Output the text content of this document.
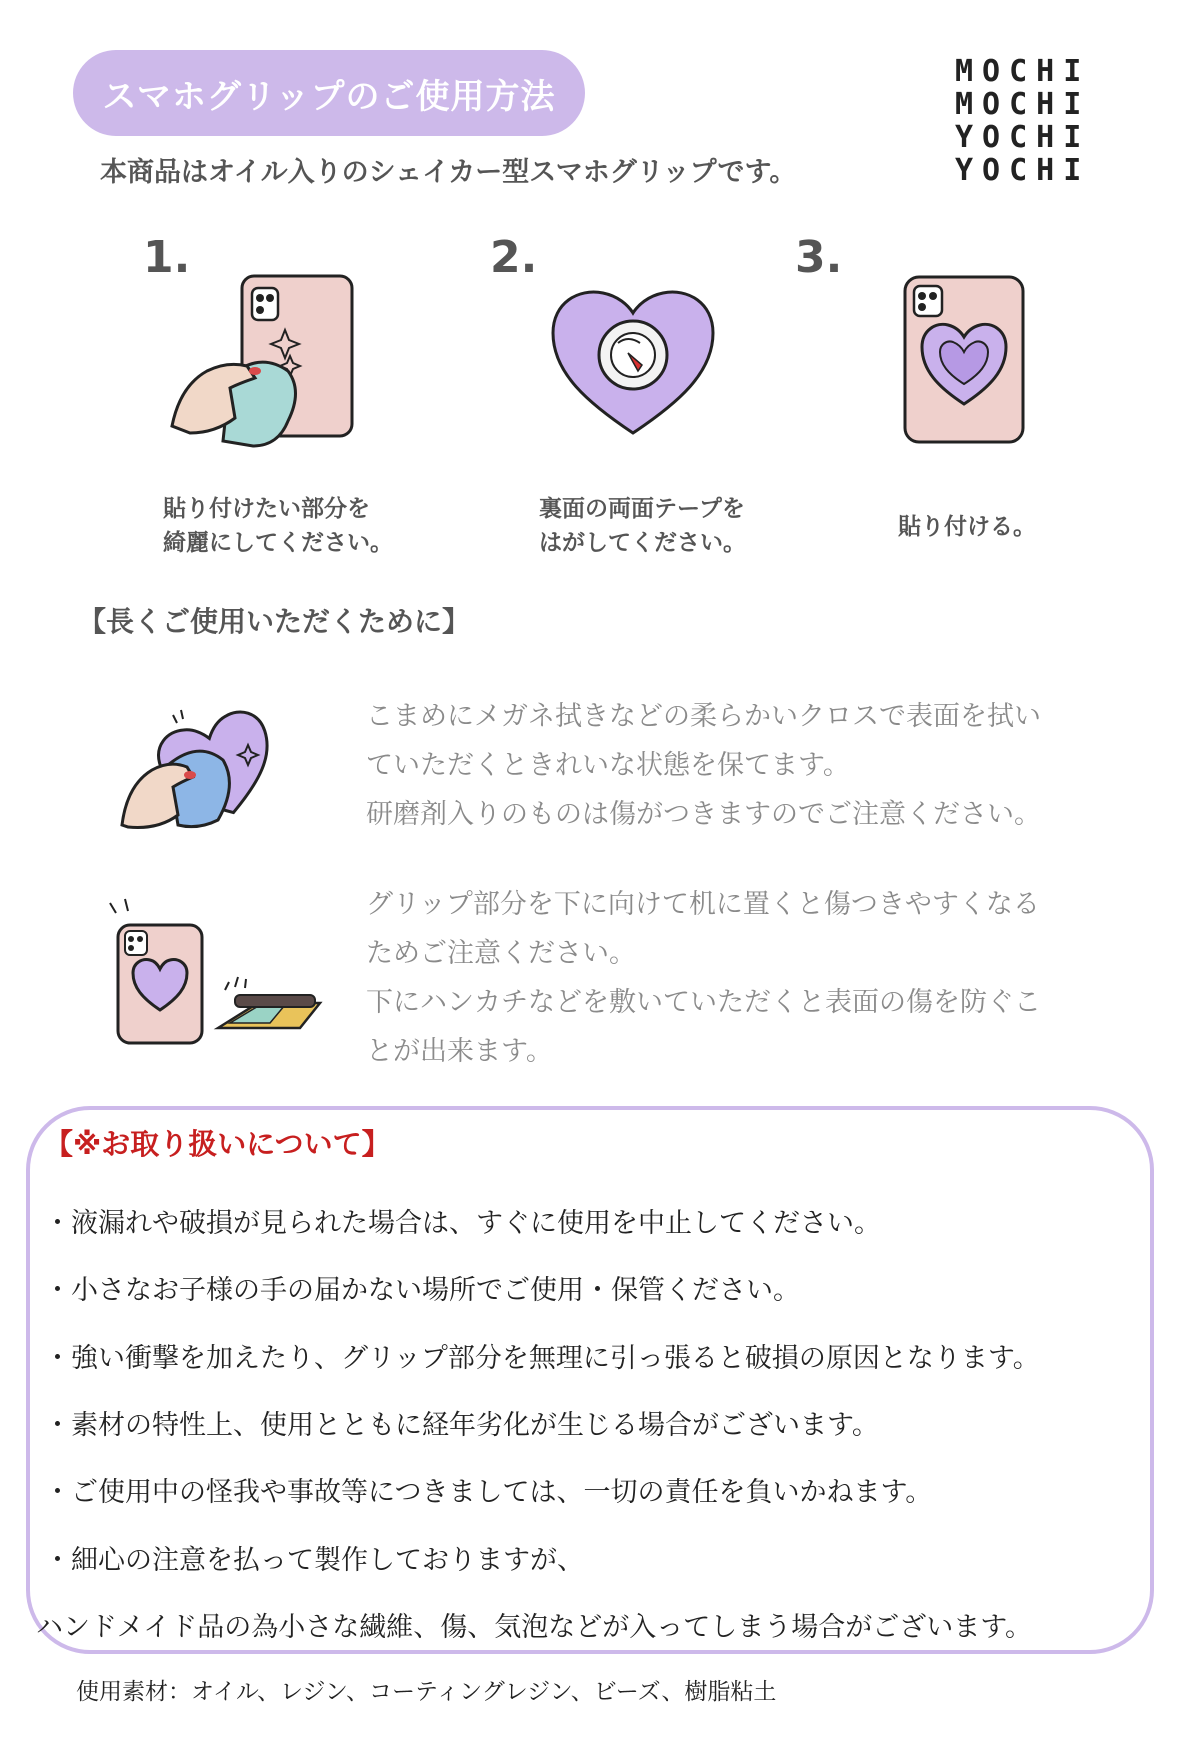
スマホグリップのご使用方法
本商品はオイル入りのシェイカー型スマホグリップです。
MOCHI
MOCHI
YOCHI
YOCHI
1.
貼り付けたい部分を
綺麗にしてください。
2.
裏面の両面テープを
はがしてください。
3.
貼り付ける。
【長くご使用いただくために】
こまめにメガネ拭きなどの柔らかいクロスで表面を拭い
ていただくときれいな状態を保てます。
研磨剤入りのものは傷がつきますのでご注意ください。
グリップ部分を下に向けて机に置くと傷つきやすくなる
ためご注意ください。
下にハンカチなどを敷いていただくと表面の傷を防ぐこ
とが出来ます。
【※お取り扱いについて】
・液漏れや破損が見られた場合は、すぐに使用を中止してください。
・小さなお子様の手の届かない場所でご使用・保管ください。
・強い衝撃を加えたり、グリップ部分を無理に引っ張ると破損の原因となります。
・素材の特性上、使用とともに経年劣化が生じる場合がございます。
・ご使用中の怪我や事故等につきましては、一切の責任を負いかねます。
・細心の注意を払って製作しておりますが、
ハンドメイド品の為小さな繊維、傷、気泡などが入ってしまう場合がございます。
使用素材：オイル、レジン、コーティングレジン、ビーズ、樹脂粘土
